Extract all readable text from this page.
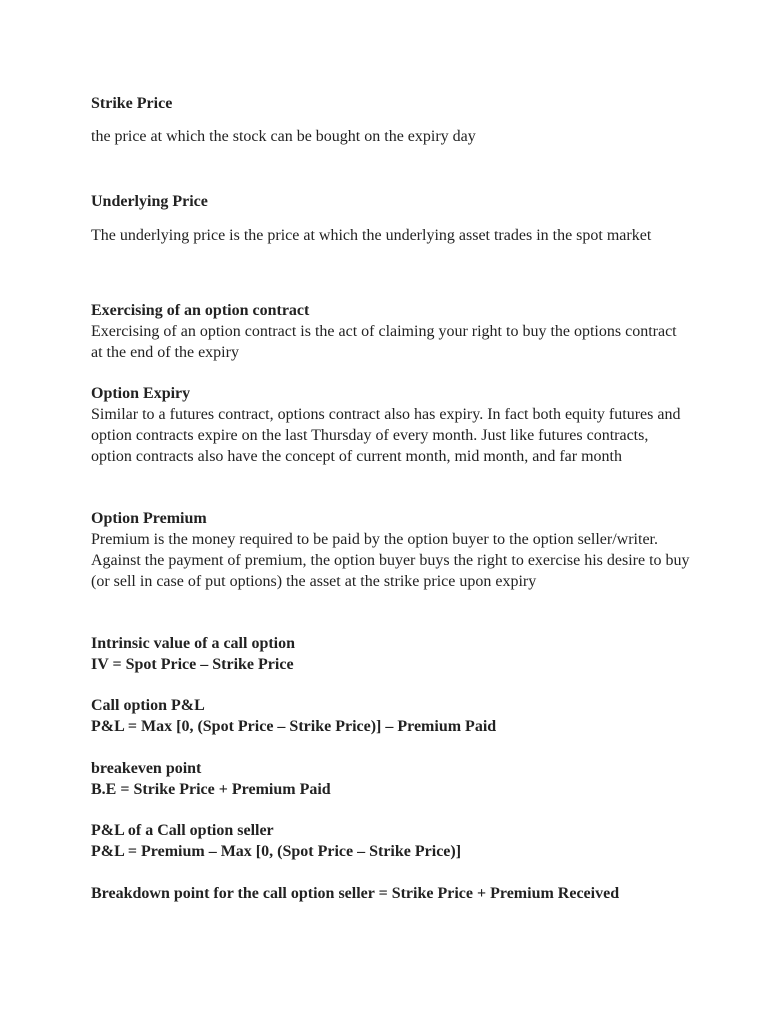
Strike Price
the price at which the stock can be bought on the expiry day
Underlying Price
The underlying price is the price at which the underlying asset trades in the spot market
Exercising of an option contract
Exercising of an option contract is the act of claiming your right to buy the options contract at the end of the expiry
Option Expiry
Similar to a futures contract, options contract also has expiry. In fact both equity futures and option contracts expire on the last Thursday of every month. Just like futures contracts, option contracts also have the concept of current month, mid month, and far month
Option Premium
Premium is the money required to be paid by the option buyer to the option seller/writer. Against the payment of premium, the option buyer buys the right to exercise his desire to buy (or sell in case of put options) the asset at the strike price upon expiry
Intrinsic value of a call option
IV = Spot Price – Strike Price
Call option P&L
P&L = Max [0, (Spot Price – Strike Price)] – Premium Paid
breakeven point
B.E = Strike Price + Premium Paid
P&L of a Call option seller
P&L = Premium – Max [0, (Spot Price – Strike Price)]
Breakdown point for the call option seller = Strike Price + Premium Received
